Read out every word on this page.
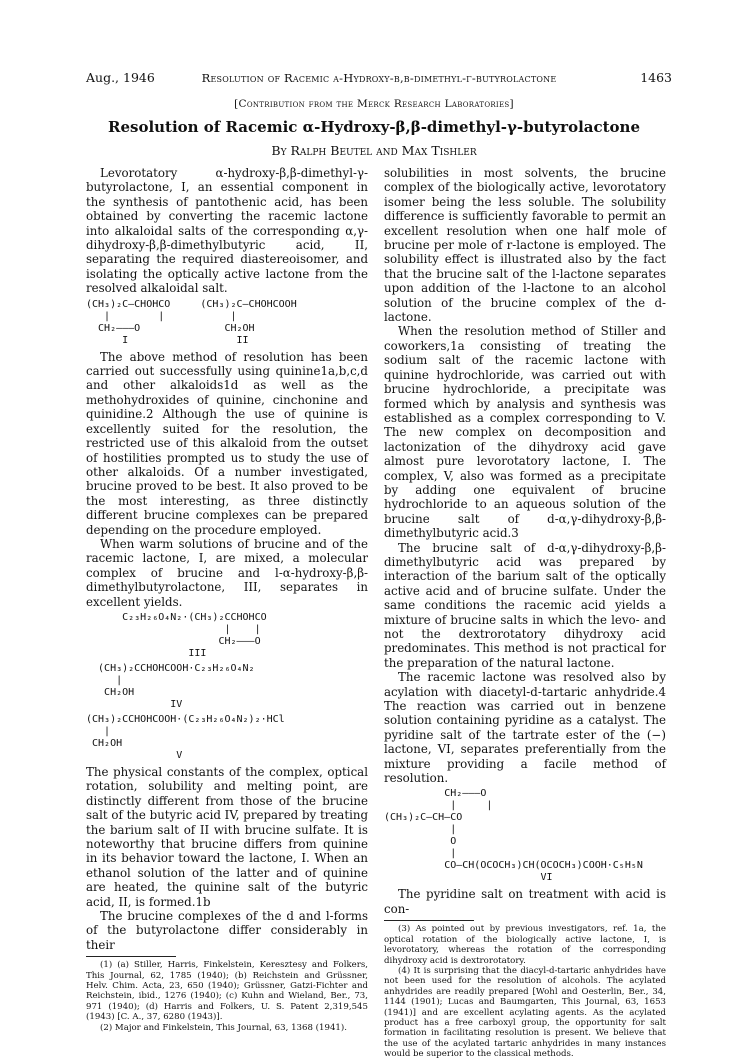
Aug., 1946	Resolution of Racemic α-Hydroxy-β,β-dimethyl-γ-butyrolactone	1463
[Contribution from the Merck Research Laboratories]
Resolution of Racemic α-Hydroxy-β,β-dimethyl-γ-butyrolactone
By Ralph Beutel and Max Tishler

Levorotatory α-hydroxy-β,β-dimethyl-γ-butyrolactone, I, an essential component in the synthesis of pantothenic acid, has been obtained by converting the racemic lactone into alkaloidal salts of the corresponding α,γ-dihydroxy-β,β-dimethylbutyric acid, II, separating the required diastereoisomer, and isolating the optically active lactone from the resolved alkaloidal salt.

(CH₃)₂C—CHOHCO     (CH₃)₂C—CHOHCOOH
|        |           |
CH₂———O              CH₂OH
I                  II

The above method of resolution has been carried out successfully using quinine1a,b,c,d and other alkaloids1d as well as the methohydroxides of quinine, cinchonine and quinidine.2 Although the use of quinine is excellently suited for the resolution, the restricted use of this alkaloid from the outset of hostilities prompted us to study the use of other alkaloids. Of a number investigated, brucine proved to be best. It also proved to be the most interesting, as three distinctly different brucine complexes can be prepared depending on the procedure employed.

When warm solutions of brucine and of the racemic lactone, I, are mixed, a molecular complex of brucine and l-α-hydroxy-β,β-dimethylbutyrolactone, III, separates in excellent yields.

C₂₃H₂₆O₄N₂·(CH₃)₂CCHOHCO
|    |
CH₂———O
III
(CH₃)₂CCHOHCOOH·C₂₃H₂₆O₄N₂
|
CH₂OH
IV
(CH₃)₂CCHOHCOOH·(C₂₃H₂₆O₄N₂)₂·HCl
|
CH₂OH
V

The physical constants of the complex, optical rotation, solubility and melting point, are distinctly different from those of the brucine salt of the butyric acid IV, prepared by treating the barium salt of II with brucine sulfate. It is noteworthy that brucine differs from quinine in its behavior toward the lactone, I. When an ethanol solution of the latter and of quinine are heated, the quinine salt of the butyric acid, II, is formed.1b

The brucine complexes of the d and l-forms of the butyrolactone differ considerably in their

(1) (a) Stiller, Harris, Finkelstein, Keresztesy and Folkers, This Journal, 62, 1785 (1940); (b) Reichstein and Grüssner, Helv. Chim. Acta, 23, 650 (1940); Grüssner, Gatzi-Fichter and Reichstein, ibid., 1276 (1940); (c) Kuhn and Wieland, Ber., 73, 971 (1940); (d) Harris and Folkers, U. S. Patent 2,319,545 (1943) [C. A., 37, 6280 (1943)].

(2) Major and Finkelstein, This Journal, 63, 1368 (1941).

solubilities in most solvents, the brucine complex of the biologically active, levorotatory isomer being the less soluble. The solubility difference is sufficiently favorable to permit an excellent resolution when one half mole of brucine per mole of r-lactone is employed. The solubility effect is illustrated also by the fact that the brucine salt of the l-lactone separates upon addition of the l-lactone to an alcohol solution of the brucine complex of the d-lactone.

When the resolution method of Stiller and coworkers,1a consisting of treating the sodium salt of the racemic lactone with quinine hydrochloride, was carried out with brucine hydrochloride, a precipitate was formed which by analysis and synthesis was established as a complex corresponding to V. The new complex on decomposition and lactonization of the dihydroxy acid gave almost pure levorotatory lactone, I. The complex, V, also was formed as a precipitate by adding one equivalent of brucine hydrochloride to an aqueous solution of the brucine salt of d-α,γ-dihydroxy-β,β-dimethylbutyric acid.3

The brucine salt of d-α,γ-dihydroxy-β,β-dimethylbutyric acid was prepared by interaction of the barium salt of the optically active acid and of brucine sulfate. Under the same conditions the racemic acid yields a mixture of brucine salts in which the levo- and not the dextrorotatory dihydroxy acid predominates. This method is not practical for the preparation of the natural lactone.

The racemic lactone was resolved also by acylation with diacetyl-d-tartaric anhydride.4 The reaction was carried out in benzene solution containing pyridine as a catalyst. The pyridine salt of the tartrate ester of the (−) lactone, VI, separates preferentially from the mixture providing a facile method of resolution.

CH₂———O
|     |
(CH₃)₂C—CH—CO
|
O
|
CO—CH(OCOCH₃)CH(OCOCH₃)COOH·C₅H₅N
VI

The pyridine salt on treatment with acid is con-

(3) As pointed out by previous investigators, ref. 1a, the optical rotation of the biologically active lactone, I, is levorotatory, whereas the rotation of the corresponding dihydroxy acid is dextrorotatory.

(4) It is surprising that the diacyl-d-tartaric anhydrides have not been used for the resolution of alcohols. The acylated anhydrides are readily prepared [Wohl and Oesterlin, Ber., 34, 1144 (1901); Lucas and Baumgarten, This Journal, 63, 1653 (1941)] and are excellent acylating agents. As the acylated product has a free carboxyl group, the opportunity for salt formation in facilitating resolution is present. We believe that the use of the acylated tartaric anhydrides in many instances would be superior to the classical methods.
